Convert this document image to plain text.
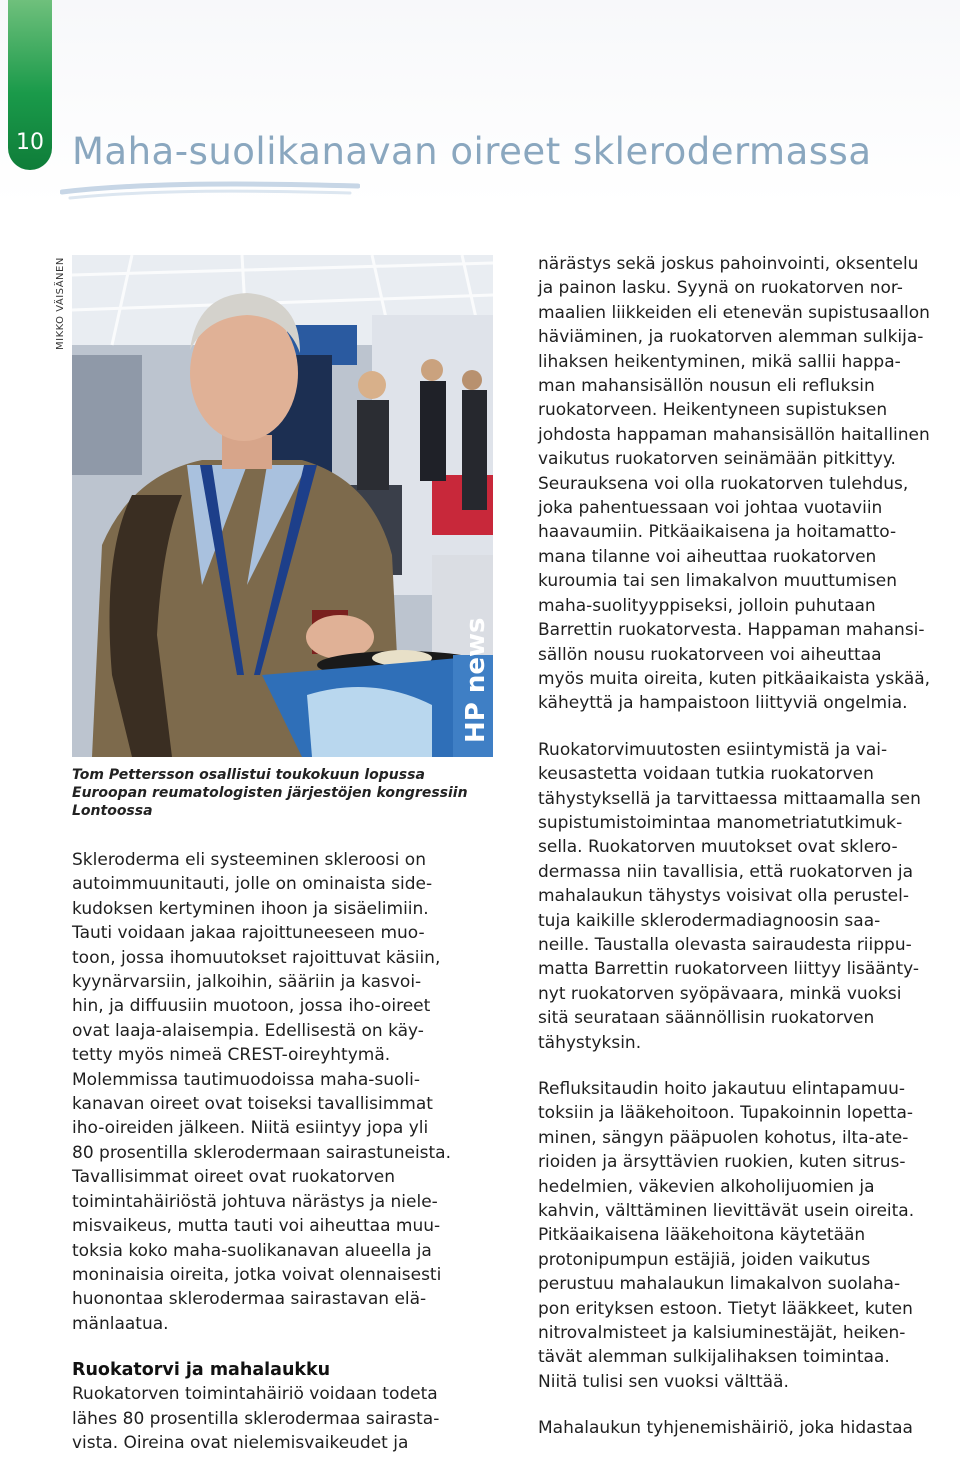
10 Maha-suolikanavan oireet sklerodermassa
MIKKO VÄISÄNEN
HP news

Tom Pettersson osallistui toukokuun lopussa
Euroopan reumatologisten järjestöjen kongressiin
Lontoossa

Skleroderma eli systeeminen skleroosi on
autoimmuunitauti, jolle on ominaista side-
kudoksen kertyminen ihoon ja sisäelimiin.
Tauti voidaan jakaa rajoittuneeseen muo-
toon, jossa ihomuutokset rajoittuvat käsiin,
kyynärvarsiin, jalkoihin, sääriin ja kasvoi-
hin, ja diffuusiin muotoon, jossa iho-oireet
ovat laaja-alaisempia. Edellisestä on käy-
tetty myös nimeä CREST-oireyhtymä.
Molemmissa tautimuodoissa maha-suoli-
kanavan oireet ovat toiseksi tavallisimmat
iho-oireiden jälkeen. Niitä esiintyy jopa yli
80 prosentilla sklerodermaan sairastuneista.
Tavallisimmat oireet ovat ruokatorven
toimintahäiriöstä johtuva närästys ja niele-
misvaikeus, mutta tauti voi aiheuttaa muu-
toksia koko maha-suolikanavan alueella ja
moninaisia oireita, jotka voivat olennaisesti
huonontaa sklerodermaa sairastavan elä-
mänlaatua.

Ruokatorvi ja mahalaukku

Ruokatorven toimintahäiriö voidaan todeta
lähes 80 prosentilla sklerodermaa sairasta-
vista. Oireina ovat nielemisvaikeudet ja

närästys sekä joskus pahoinvointi, oksentelu
ja painon lasku. Syynä on ruokatorven nor-
maalien liikkeiden eli etenevän supistusaallon
häviäminen, ja ruokatorven alemman sulkija-
lihaksen heikentyminen, mikä sallii happa-
man mahansisällön nousun eli refluksin
ruokatorveen. Heikentyneen supistuksen
johdosta happaman mahansisällön haitallinen
vaikutus ruokatorven seinämään pitkittyy.
Seurauksena voi olla ruokatorven tulehdus,
joka pahentuessaan voi johtaa vuotaviin
haavaumiin. Pitkäaikaisena ja hoitamatto-
mana tilanne voi aiheuttaa ruokatorven
kuroumia tai sen limakalvon muuttumisen
maha-suolityyppiseksi, jolloin puhutaan
Barrettin ruokatorvesta. Happaman mahansi-
sällön nousu ruokatorveen voi aiheuttaa
myös muita oireita, kuten pitkäaikaista yskää,
käheyttä ja hampaistoon liittyviä ongelmia.

Ruokatorvimuutosten esiintymistä ja vai-
keusastetta voidaan tutkia ruokatorven
tähystyksellä ja tarvittaessa mittaamalla sen
supistumistoimintaa manometriatutkimuk-
sella. Ruokatorven muutokset ovat sklero-
dermassa niin tavallisia, että ruokatorven ja
mahalaukun tähystys voisivat olla perustel-
tuja kaikille sklerodermadiagnoosin saa-
neille. Taustalla olevasta sairaudesta riippu-
matta Barrettin ruokatorveen liittyy lisäänty-
nyt ruokatorven syöpävaara, minkä vuoksi
sitä seurataan säännöllisin ruokatorven
tähystyksin.

Refluksitaudin hoito jakautuu elintapamuu-
toksiin ja lääkehoitoon. Tupakoinnin lopetta-
minen, sängyn pääpuolen kohotus, ilta-ate-
rioiden ja ärsyttävien ruokien, kuten sitrus-
hedelmien, väkevien alkoholijuomien ja
kahvin, välttäminen lievittävät usein oireita.
Pitkäaikaisena lääkehoitona käytetään
protonipumpun estäjiä, joiden vaikutus
perustuu mahalaukun limakalvon suolaha-
pon erityksen estoon. Tietyt lääkkeet, kuten
nitrovalmisteet ja kalsiuminestäjät, heiken-
tävät alemman sulkijalihaksen toimintaa.
Niitä tulisi sen vuoksi välttää.

Mahalaukun tyhjenemishäiriö, joka hidastaa
